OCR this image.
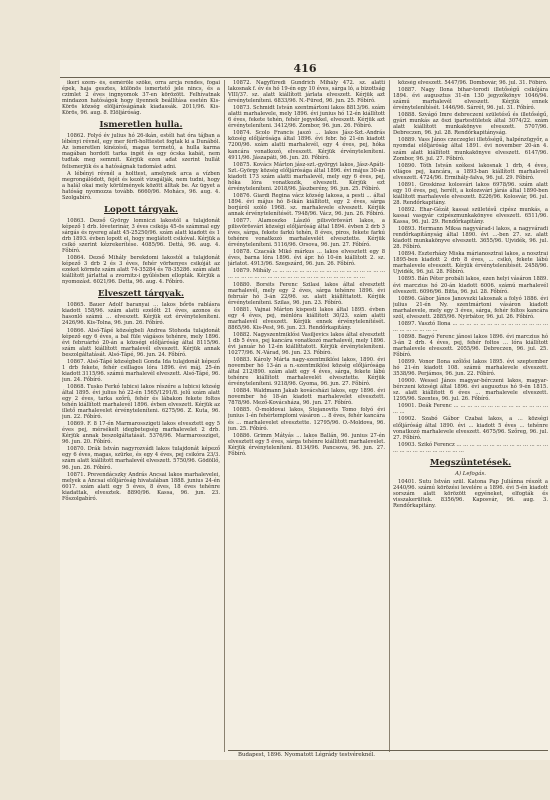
416

ikeri szem- és, esmérőle szőke, orra arcja rendes, fogai épek, haja gesztes, különös ismertető jele nincs, és a czimlet 2 éves ingnyomok 37-en körözött. Felhívatnak mindazon hatóságok hogy ilyennek beállítása esetén Kis-Körös község elöljáróságának kiadassák. 2011/96. Kis-Körös, 96. aug. 8. Elöljáróság.

Ismeretlen hulla.

10862. Folyó év julius hó 26-ikán, estéli hat óra tájban a lébényi révnél, egy mer férfi-holttestet fogtak ki a Dunából. Az ismeretlen kinézésű, magas termetű, a hulla karma magában hordott tarka ingét és egy ócska kabát, nem tudtak meg semmit. Kérjük ezen adat szerint hullát felismerjük és a hatóságnak tudomást adni.

A lébényi révnél a holttest, amelynek arca a vízben megrongálódott, fejét és kezét vizsgálják, nem tudni, hogy a halál okai mely körülmények között álltak be. Az ügyet a hatóság nyomozza tovább. 6660/96. Mohács, 96. aug. 4. Szolgabíró.

Lopott tárgyak.

10863. Dezső György lomniczi lakostól a tulajdonát képező 1 drb. lóveterinár, 3 éves csikója 45-ös számmal egy sárgás és nyereg alatt 45-25250/96. szám alatt kiadott és 1 drb 1893. évben lopott el, hogy meglátott csikóval. Kérjük a csikó szerint kézrekerítése. 4085/96. Dettá, 96. aug. 4. Főbíró.

10864. Dezső Mihály berekdomi lakostól a tulajdonát képező 3 drb 2 és 3 éves, fehér vörhenyes csikóját az ezeket körmöz szám alatt 74-35284 és 78-35286. szám alatt kiállított járlattal a zvornitz-i gyűlésben ellopták. Kérjük a nyomozást. 6021/96. Detta, 96. aug. 4. Főbíró.

Elveszett tárgyak.

10865. Bauer Adolf baranyai ... lakos bőrös rablásra kiadott 158/96. szám alatti ezelőtt 21 éves, azonos és hasonló számú ... elveszett. Kérjük ezt érvényteleníteni. 2426/96. Kis-Tolna, 96. jun. 26. Főbíró.

10866. Alsó-Tápé községbeli Andrea Stohoda tulajdonát képező egy 6 éves, a bal füle vágásos tehénre, mely 1896. évi februárhó 20-án a községi előljáróság által 8115/96. szám alatt kiállított marhalevél elveszett. Kérjük annak beszolgáltatását. Alsó-Tápé, 96. jun. 24. Főbíró.

10867. Alsó-Tápé községbeli Gonda Ida tulajdonát képező 1 drb fekete, fehér csillagos lóra 1896. évi máj. 25-én kiadott 3115/96. számú marhalevél elveszett. Alsó-Tápé, 96. jun. 24. Főbíró.

10868. Tusko Ferkó lubicsi lakos részére a lubicsi község által 1895. évi julius hó 22-én 1565/1291/8. jelű szám alatt egy 2 éves, tarka szőrű, fehér és lábakon fekete foltos tehén kiállított marhalevél 1896. évben elveszett. Kérjük az illető marhalevelet érvényteleníteni. 6275/96. Z. Kuta, 96. jun. 22. Főbíró.

10869. F. 8 17-én Marmarosszigeti lakos elvesztett egy 5 éves pej, mérsékelt idegbetegség marhalevelet 2 drb. Kérjük annak beszolgáltatását. 5376/96. Marmarossziget, 96. jun. 20. Főbíró.

10870. Drák István nagyrozvádi lakos tulajdonát képező egy 6 éves, magas, szürke, és egy 4 éves, pej csikóra 23/3. szám alatt kiállított marhalevél elveszett. 5750/96. Gödöllő, 96. jun. 26. Főbíró.

10871. Prevendácszky András Ancsai lakos marhalevelei, melyek a Ancsai előljáróság hivatalában 1888. junius 24-én 6017. szám alatt egy 5 éves, 8 éves, 18 éves tehénre kiadattak, elvesztek. 8890/96. Kassa, 96. jun. 23. Főszolgabíró.

10872. Nagyfüredi Gundrich Mihály 472. sz. alatti lakosnak f. év és hó 19-én egy 10 éves, sárga ló, a bizottság VIII/37. sz. alatt kiállított járlata elveszett. Kérjük azt érvényteleníteni. 6833/96. N.-Füred, 96. jun. 25. Főbíró.

10873. Schmidt István szentmártoni lakos 8813/96. szám alatti marhalevele, mely 1896. évi junius hó 12-én kiállított 6 éves, fekete tehén, fehér jegyekkel, elveszett. Kérjük azt érvényteleníteni. 3412/96. Zombor, 96. jun. 26. Főbíró.

10874. Scolo Francis jaszó ... lakos Jász-Szt.-András község előljárósága által 1896. évi febr. hó 21-én kiadott 7200/96. szám alatti marhalevél, egy 4 éves, pej, hóka kancára vonatkozó, elveszett. Kérjük érvényteleníteni. 4911/96. Jászapáti, 96. jun. 20. Főbíró.

10875. Kovács Márton jász-szt.-györgyi lakos, Jász-Apáti-Szt.-György község előljárósága által 1896. évi május 30-án kiadott 173 szám alatti marhalevél, mely egy 6 éves, pej, hóka lóra vonatkozik, elveszett. Kérjük ezt érvényteleníteni. 2018/96. Jászberény, 96. jun. 25. Főbíró.

10876. Giardi Regina vácz község lakosa, a pesti ... által 1894. évi május hó 8-ikán kiállított, egy 2 éves, sárga borjúról szóló 1968. sz. marhalevele elveszett. Kérjük annak érvénytelenítését. 7948/96. Vácz, 96. jun. 26. Főbíró.

10877. Alamoszko László pilisvörösvári lakos, a pilisvörösvári községi előljáróság által 1894. évben 2 drb 3 éves, sárga, fekete farkú tehén, 8 éves, piros, fekete farkú tehénre vonatkozó marhalevelét elvesztette. Kérjük érvényteleníteni. 5116/96. Orsova, 96. jun. 27. Főbíró.

10878. Czacsák Mikó márkus ... lakos elvesztett egy 8 éves, barna lóra 1896. évi ápr. hó 10-én kiállított 2. sz. járlatot. 4913/96. Szegszárd, 96. jun. 26. Főbíró.

10879. Mihály ... ... ... ... ... ... ... ... ... ... ... ... ... ... ... ... ... ... ... ... ... ... ... ... ... ... ... ... ... ... ... ... ... ... ... ... ... ...

10880. Borsits Ferenc Szilasi lakos által elvesztett marhalevél, mely egy 2 éves, sárga tehénre 1896. évi február hó 3-án 22/96. sz. alatt kiállíttatott. Kérjük érvényteleníteni. Szilas, 96. jun. 23. Főbíró.

10881. Vajnai Márton kispesti lakos által 1895. évben egy 4 éves, pej, ménlóra kiállított 30/23. szám alatti marhalevél elveszett. Kérjük ennek érvénytelenítését. 8865/96. Kis-Pest, 96. jun. 23. Rendőrkapitány.

10882. Nagyszentmiklósi Vasiljevics lakos által elvesztett 1 db 5 éves, pej kancára vonatkozó marhalevél, mely 1896. évi január hó 12-én kiállíttatott. Kérjük érvényteleníteni. 10277/96. N.-Várad, 96. jun. 23. Főbíró.

10883. Károly Márta nagy-szentmiklósi lakos, 1890. évi november hó 13-án a n.-szentmiklósi község előljárósága által 212/890. szám alatt egy 4 éves, sárga, fekete lábú tehénre kiállított marhalevelét elvesztette. Kérjük érvényteleníteni. 9218/96. Gyoma, 96. jun. 27. Főbíró.

10884. Waldmann Jakab kovácsházi lakos, egy 1896. évi november hó 18-án kiadott marhalevelet elvesztett. 7878/96. Mező-Kovácsháza, 96. jun. 27. Főbíró.

10885. Ó-moldovai lakos, Stojanovits Tomo folyó évi junius 1-én fehértemplomi vásáron ... 8 éves, fehér kancára és ... marhalevelet elvesztette. 12795/96. O.-Moldova, 96. jun. 25. Főbíró.

10886. Grimm Mátyás ... lakos Ballán, 96. junius 27-én elvesztett egy 5 éves, sárga tehénre kiállított marhalevelet. Kérjük érvényteleníteni. 8134/96. Pancsova, 96. jun. 27. Főbíró.

község elveszett. 5447/96. Dombovár, 96. jul. 31. Főbíró.

10887. Nagy Ilona bihar-torodi illetőségű csikójára 1894. évi augusztus 31-én 130 jegyzőkönyv 1046/94. számú marhalevél elveszett. Kérjük ennek érvénytelenítését. 1446/96. Sárrét, 96. jul. 31. Főbíró.

10888. Szvágó Imre debreczeni születésű és illetőségű, gyári munkás az öszi ipartestületek által 3074/22. szám alatt kiállított munkakönyve elveszett. 5707/96. Debreczen, 96. jul. 28. Rendőrkapitányság.

10889. Vass János czeczeglei illetőségű, halpénzügyőr, a nyomdai előljáróság által 1891. évi november 20-án 4. szám alatt kiállított munkakönyve elveszett. 6147/96. Zombor, 96. jul. 27. Főbíró.

10890. Tóth István székesi lakosnak 1 drb, 4 éves, világos pej, kancára, a 1893-ban kiállított marhalevél elveszett. 4724/96. Ermihály-falva, 96. jul. 29. Főbíró.

10891. Groskinsz kolosvári lakos 6978/96. szám alatt egy 10 éves, pej, herélt, a kolozsvári járás által 1890-ben kiállított marhalevele elveszett. 8226/96. Kolosvár, 96. jul. 28. Rendőrkapitány.

10892. Ehar-Gézát kassai születésű cipész munkás, a kassai vasgyár czipészmunkakönyve elveszett. 6511/96. Kassa, 96. jul. 29. Rendőrkapitány.

10893. Hermann Miksa nagyvárad-i lakos, a nagyváradi rendőrkapitányság által 1890. évi ...-ben 27. sz. alatt kiadott munkakönyve elveszett. 3655/96. Ujvidék, 96. jul. 28. Főbíró.

10894. Eszterházy Miska márianosztrai lakos, a nosztrai 1895-ben kiadott 2 drb 8 éves, ... csikó, fekete lábú marhalevele elveszett. Kérjük érvénytelenítését. 2458/96. Ujvidék, 96. jul. 28. Főbíró.

10895. Bán Péter probáli lakos, ezen helyi vásáron 1889. évi marczius hó 20-án kiadott 6006. számú marhalevél elveszett. 6096/96. Bitta, 96. jul. 28. Főbíró.

10896. Gábor János Janovszki lakosnak a folyó 1886. évi julius 21-én Ny. szentmártoni vásáron kiadott marhalevele, mely egy 3 éves, sárga, fehér foltos kancára szól, elveszett. 2885/96. Nyirbátor, 96. jul. 26. Főbíró.

10897. Vasztó Ilona ... ... ... ... ... ... ... ... ... ... ... ... ... ... ... ... ... ... ... ... ...

10898. Bagyó Ferenc jánosi lakos 1896. évi marczius hó 3-án 2 drb. 4 éves, pej, fehér foltos ... lóra kiállított marhalevele elveszett. 2055/96. Debreczen, 96. jul. 25. Főbíró.

10899. Vonor Ilona szőlősi lakos 1895. évi szeptember hó 21-én kiadott 108. számú marhalevele elveszett. 3538/96. Perjámos, 96. jun. 22. Főbíró.

10900. Wessel János magyar-bérczeni lakos, magyar-bérczeni községi által 1896. évi augusztus hó 9-én 1815. sz. alatt kiállított 6 éves ... marhalevele elveszett. 1295/96. Szentes, 96. jul. 26. Főbíró.

10901. Deák Ferenc ... ... ... ... ... ... ... ... ... ... ... ... ... ... ... ...

10902. Szabó Gábor Czabai lakos, a ... községi előljáróság által 1890. évi ... kiadott 5 éves ... tehénre vonatkozó marhalevele elveszett. 4675/96. Szőreg, 96. jul. 27. Főbíró.

10903. Szikó Ferencz ... ... ... ... ... ... ... ... ... ... ... ... ... ... ... ... ... ... ... ... ... ... ... ... ...

Megszüntetések.
A) Lefogás.

10401. Sutu István szül. Katona Pap Juliánna részét a 2440/96. számú körözési levelére a 1896. évi 5-én kiadott sorszám alatt körözött egyéneket, elfogták és visszakerültek. 8356/96. Kaposvár, 96. aug. 3. Rendőrkapitány.

Budapest, 1896. Nyomatott Légrády testvéreknél.
